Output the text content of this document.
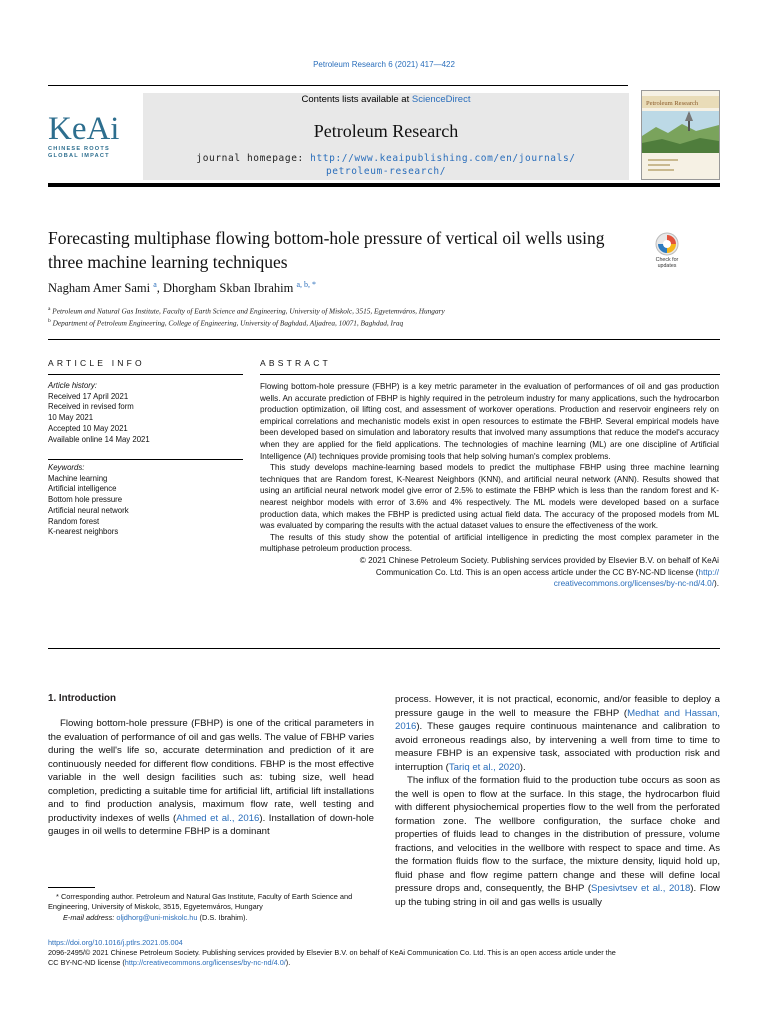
Petroleum Research 6 (2021) 417—422
Contents lists available at ScienceDirect
Petroleum Research
journal homepage: http://www.keaipublishing.com/en/journals/
petroleum-research/
KeAi
CHINESE ROOTS
GLOBAL IMPACT
Petroleum Research
Forecasting multiphase flowing bottom-hole pressure of vertical oil wells using three machine learning techniques	Check for updates
Nagham Amer Sami $^a$, Dhorgham Skban Ibrahim $^{a, b, *}$
$^a$ Petroleum and Natural Gas Institute, Faculty of Earth Science and Engineering, University of Miskolc, 3515, Egyetemváros, Hungary
$^b$ Department of Petroleum Engineering, College of Engineering, University of Baghdad, Aljadrea, 10071, Baghdad, Iraq
ARTICLE INFO
Article history:
Received 17 April 2021
Received in revised form
10 May 2021
Accepted 10 May 2021
Available online 14 May 2021
Keywords:
Machine learning
Artificial intelligence
Bottom hole pressure
Artificial neural network
Random forest
K-nearest neighbors
ABSTRACT

Flowing bottom-hole pressure (FBHP) is a key metric parameter in the evaluation of performances of oil and gas production wells. An accurate prediction of FBHP is highly required in the petroleum industry for many applications, such the hydrocarbon production optimization, oil lifting cost, and assessment of workover operations. Production and reservoir engineers rely on empirical correlations and mechanistic models exist in open resources to estimate the FBHP. Several empirical models have been developed based on simulation and laboratory results that involved many assumptions that reduce the model's accuracy when they are applied for the field applications. The technologies of machine learning (ML) are one discipline of Artificial Intelligence (AI) techniques provide promising tools that help solving human's complex problems.

This study develops machine-learning based models to predict the multiphase FBHP using three machine learning techniques that are Random forest, K-Nearest Neighbors (KNN), and artificial neural network (ANN). Results showed that using an artificial neural network model give error of 2.5% to estimate the FBHP which is less than the random forest and K-nearest neighbor models with error of 3.6% and 4% respectively. The ML models were developed based on a surface production data, which makes the FBHP is predicted using actual field data. The accuracy of the proposed models from ML was evaluated by comparing the results with the actual dataset values to ensure the effectiveness of the work.

The results of this study show the potential of artificial intelligence in predicting the most complex parameter in the multiphase petroleum production process.

© 2021 Chinese Petroleum Society. Publishing services provided by Elsevier B.V. on behalf of KeAi
Communication Co. Ltd. This is an open access article under the CC BY-NC-ND license (http://
creativecommons.org/licenses/by-nc-nd/4.0/).

1. Introduction

Flowing bottom-hole pressure (FBHP) is one of the critical parameters in the evaluation of performance of oil and gas wells. The value of FBHP varies during the well's life so, accurate determination and prediction of it are continuously needed for different flow conditions. FBHP is the most effective variable in the well design facilities such as: tubing size, well head completion, predicting a suitable time for artificial lift, artificial lift installations and to find production analysis, maximum flow rate, well testing and productivity indexes of wells (Ahmed et al., 2016). Installation of down-hole gauges in oil wells to determine FBHP is a dominant

process. However, it is not practical, economic, and/or feasible to deploy a pressure gauge in the well to measure the FBHP (Medhat and Hassan, 2016). These gauges require continuous maintenance and calibration to avoid erroneous readings also, by intervening a well from time to time to measure FBHP is an expensive task, associated with production risk and interruption (Tariq et al., 2020).

The influx of the formation fluid to the production tube occurs as soon as the well is open to flow at the surface. In this stage, the hydrocarbon fluid with different physiochemical properties flow to the well from the perforated formation zone. The wellbore configuration, the surface choke and properties of fluids lead to changes in the distribution of pressure, volume fractions, and velocities in the wellbore with respect to space and time. As the formation fluids flow to the surface, the mixture density, liquid hold up, fluid phase and flow regime pattern change and these will define local pressure drops and, consequently, the BHP (Spesivtsev et al., 2018). Flow up the tubing string in oil and gas wells is usually

* Corresponding author. Petroleum and Natural Gas Institute, Faculty of Earth Science and Engineering, University of Miskolc, 3515, Egyetemváros, Hungary
E-mail address: oljdhorg@uni-miskolc.hu (D.S. Ibrahim).
https://doi.org/10.1016/j.ptlrs.2021.05.004
2096-2495/© 2021 Chinese Petroleum Society. Publishing services provided by Elsevier B.V. on behalf of KeAi Communication Co. Ltd. This is an open access article under the
CC BY-NC-ND license (http://creativecommons.org/licenses/by-nc-nd/4.0/).
